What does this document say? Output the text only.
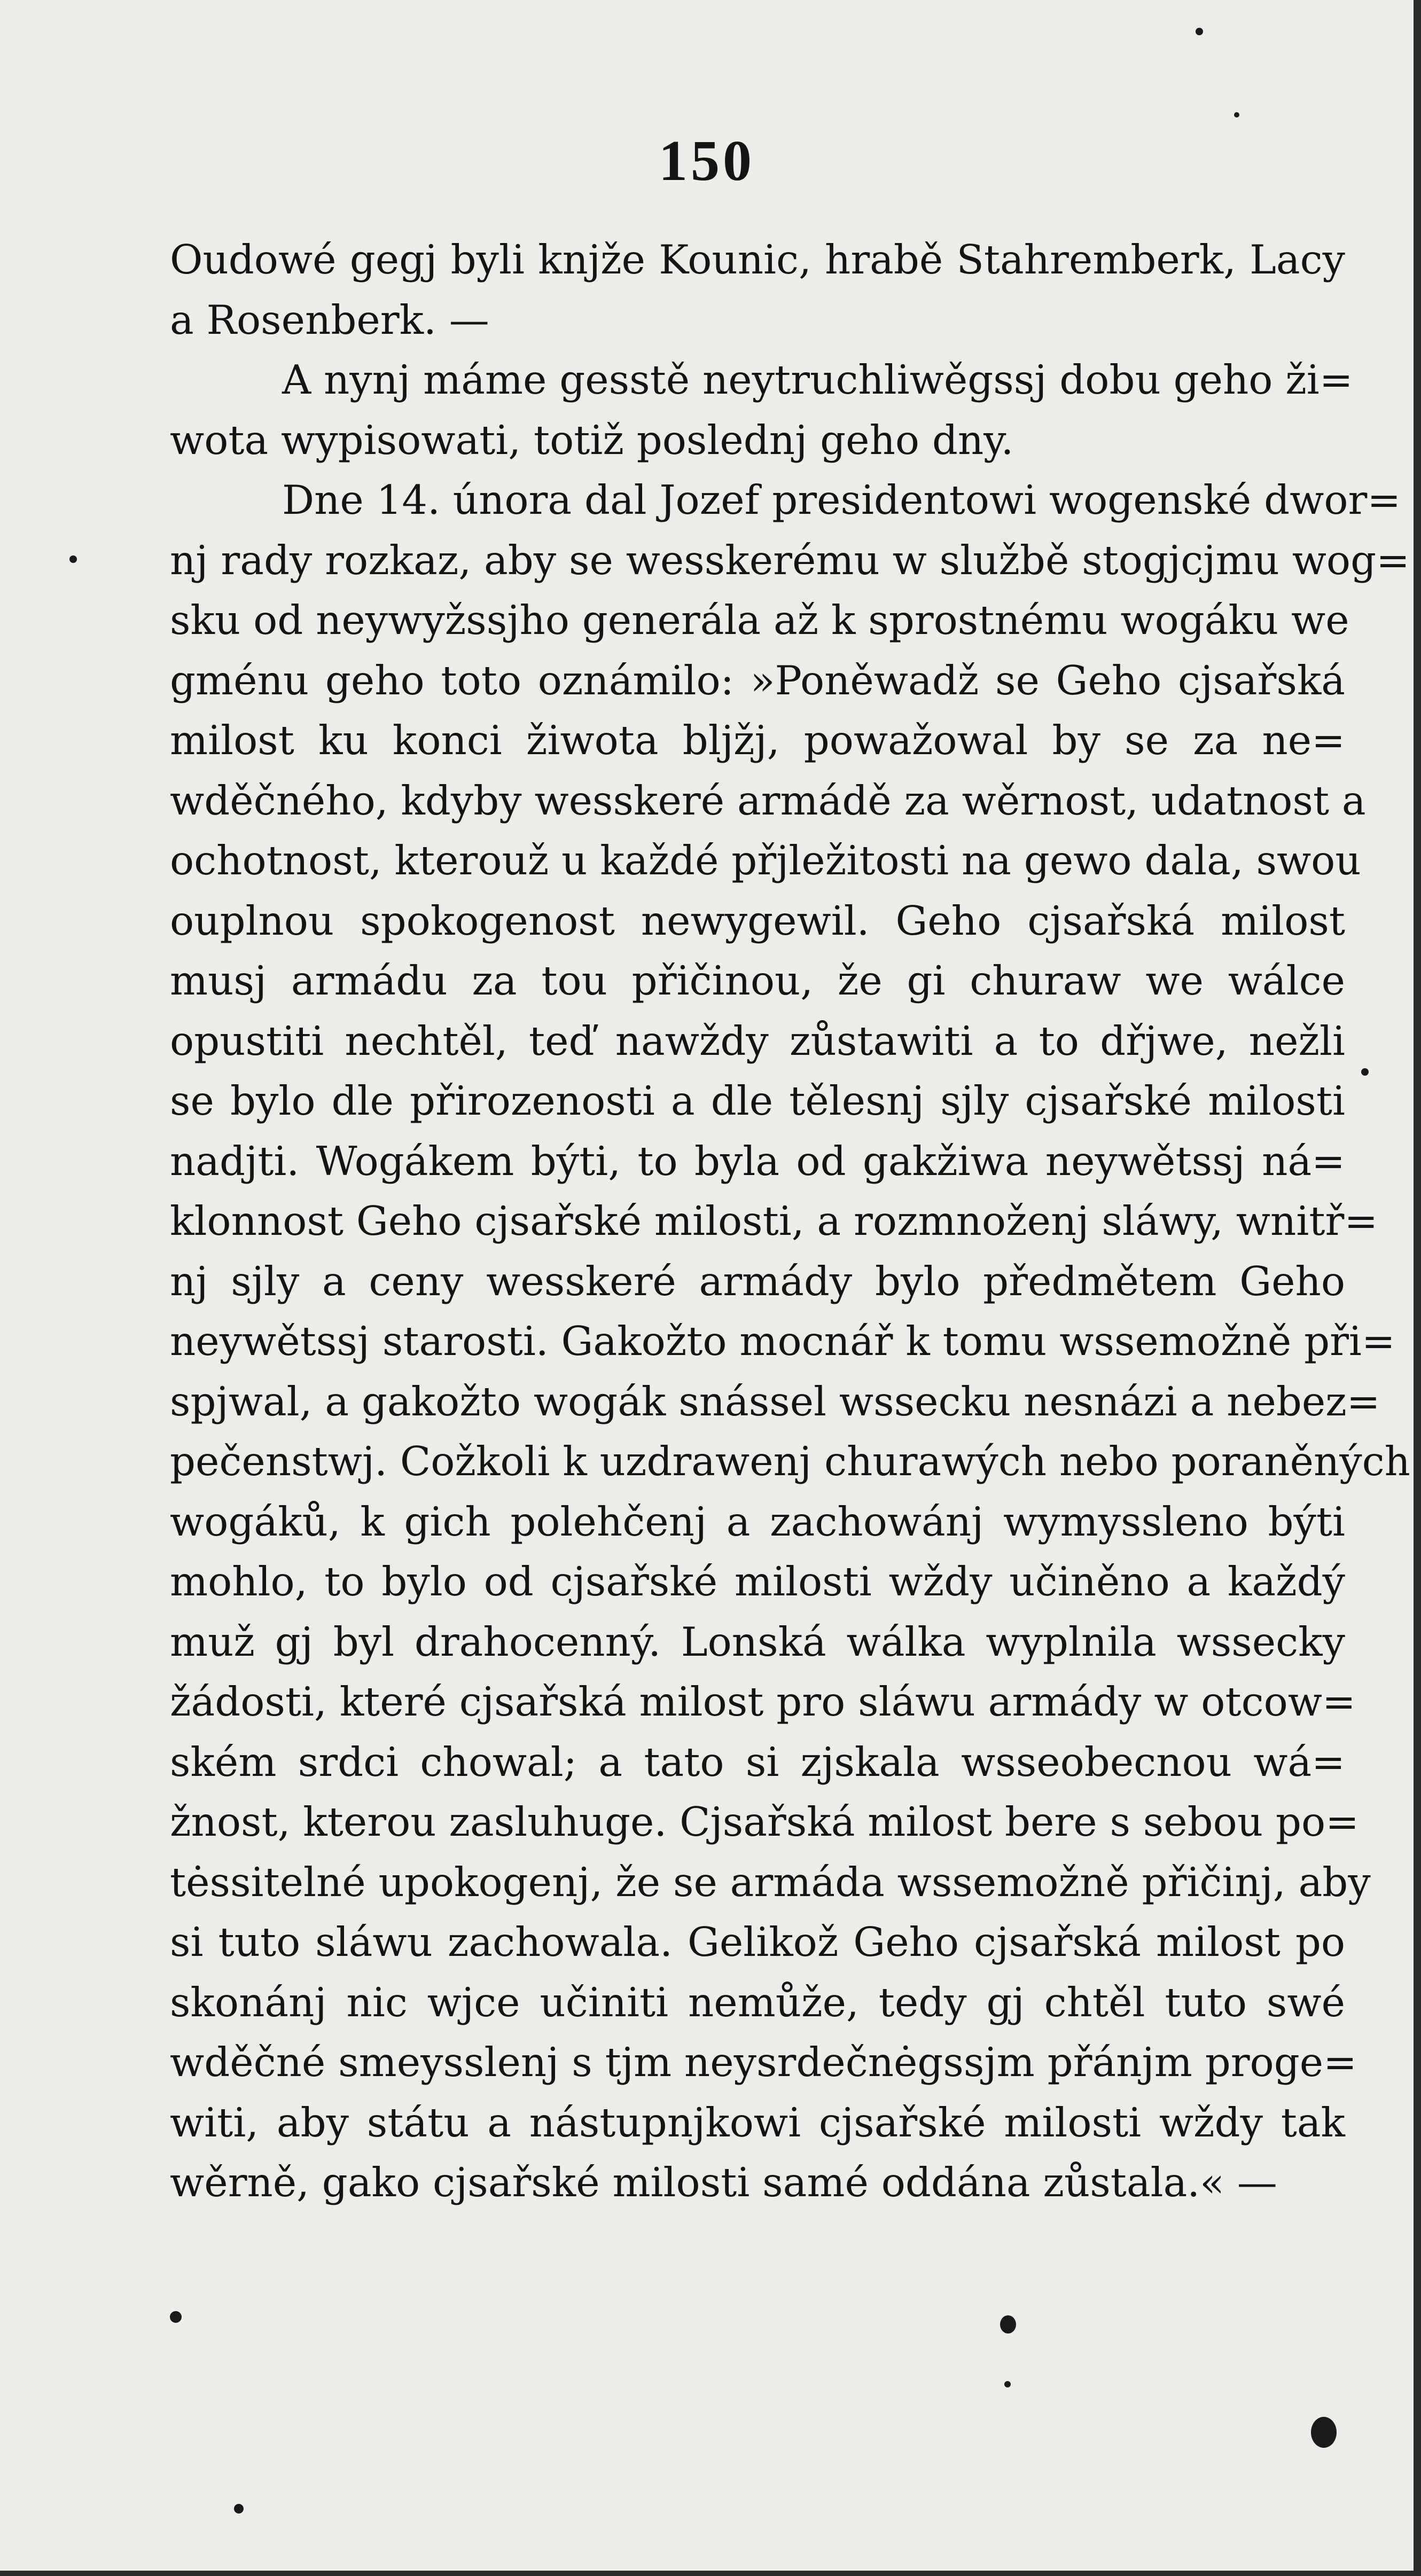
150
Oudowé gegj byli knjže Kounic, hrabě Stahremberk, Lacy
a Rosenberk. —
A nynj máme gesstě neytruchliwěgssj dobu geho ži=
wota wypisowati, totiž poslednj geho dny.
Dne 14. února dal Jozef presidentowi wogenské dwor=
nj rady rozkaz, aby se wesskerému w službě stogjcjmu wog=
sku od neywyžssjho generála až k sprostnému wogáku we
gménu geho toto oznámilo: »Poněwadž se Geho cjsařská
milost ku konci žiwota bljžj, powažowal by se za ne=
wděčného, kdyby wesskeré armádě za wěrnost, udatnost a
ochotnost, kterouž u každé přjležitosti na gewo dala, swou
ouplnou spokogenost newygewil. Geho cjsařská milost
musj armádu za tou přičinou, že gi churaw we wálce
opustiti nechtěl, teď nawždy zůstawiti a to dřjwe, nežli
se bylo dle přirozenosti a dle tělesnj sjly cjsařské milosti
nadjti. Wogákem býti, to byla od gakžiwa neywětssj ná=
klonnost Geho cjsařské milosti, a rozmnoženj sláwy, wnitř=
nj sjly a ceny wesskeré armády bylo předmětem Geho
neywětssj starosti. Gakožto mocnář k tomu wssemožně při=
spjwal, a gakožto wogák snássel wssecku nesnázi a nebez=
pečenstwj. Cožkoli k uzdrawenj churawých nebo poraněných
wogáků, k gich polehčenj a zachowánj wymyssleno býti
mohlo, to bylo od cjsařské milosti wždy učiněno a každý
muž gj byl drahocenný. Lonská wálka wyplnila wssecky
žádosti, které cjsařská milost pro sláwu armády w otcow=
ském srdci chowal; a tato si zjskala wsseobecnou wá=
žnost, kterou zasluhuge. Cjsařská milost bere s sebou po=
tėssitelné upokogenj, že se armáda wssemožně přičinj, aby
si tuto sláwu zachowala. Gelikož Geho cjsařská milost po
skonánj nic wjce učiniti nemůže, tedy gj chtěl tuto swé
wděčné smeysslenj s tjm neysrdečnėgssjm přánjm proge=
witi, aby státu a nástupnjkowi cjsařské milosti wždy tak
wěrně, gako cjsařské milosti samé oddána zůstala.« —
